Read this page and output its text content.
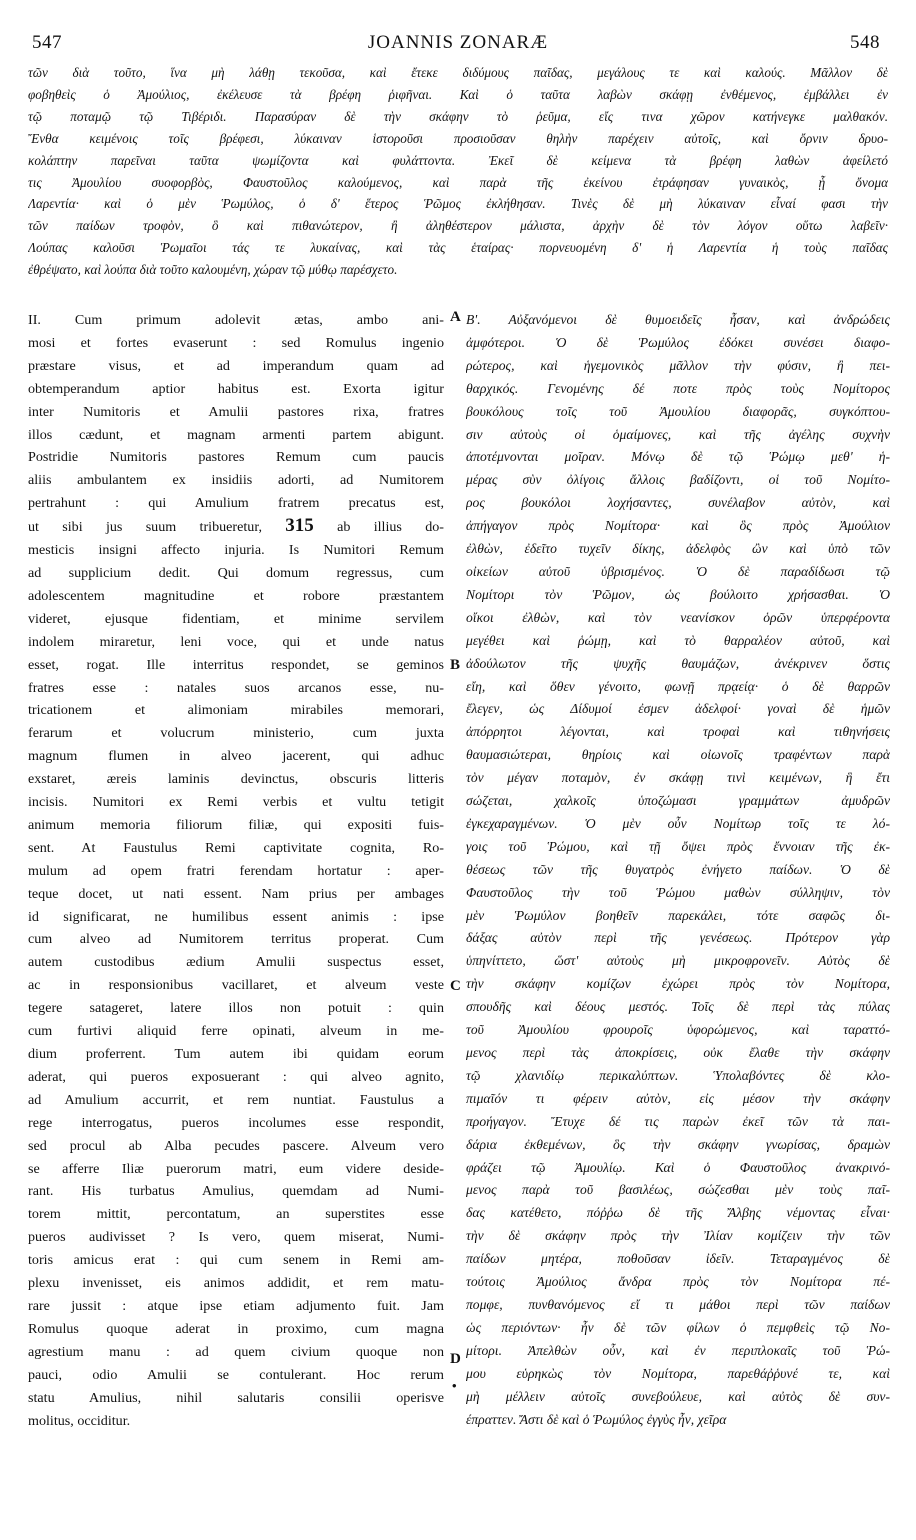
547	JOANNIS ZONARÆ	548
τῶν διὰ τοῦτο, ἵνα μὴ λάθῃ τεκοῦσα, καὶ ἔτεκε διδύμους παῖδας, μεγάλους τε καὶ καλούς. Μᾶλλον δὲ
φοβηθεὶς ὁ Ἀμούλιος, ἐκέλευσε τὰ βρέφη ῥιφῆναι. Καὶ ὁ ταῦτα λαβὼν σκάφῃ ἐνθέμενος, ἐμβάλλει ἐν
τῷ ποταμῷ τῷ Τιβέριδι. Παρασύραν δὲ τὴν σκάφην τὸ ῥεῦμα, εἴς τινα χῶρον κατήνεγκε μαλθακόν.
Ἔνθα κειμένοις τοῖς βρέφεσι, λύκαιναν ἱστοροῦσι προσιοῦσαν θηλὴν παρέχειν αὐτοῖς, καὶ ὄρνιν δρυο-
κολάπτην παρεῖναι ταῦτα ψωμίζοντα καὶ φυλάττοντα. Ἐκεῖ δὲ κείμενα τὰ βρέφη λαθὼν ἀφείλετό
τις Ἀμουλίου συοφορβὸς, Φαυστοῦλος καλούμενος, καὶ παρὰ τῆς ἐκείνου ἐτράφησαν γυναικὸς, ᾗ ὄνομα
Λαρεντία· καὶ ὁ μὲν Ῥωμύλος, ὁ δ' ἕτερος Ῥῶμος ἐκλήθησαν. Τινὲς δὲ μὴ λύκαιναν εἶναί φασι τὴν
τῶν παίδων τροφὸν, ὃ καὶ πιθανώτερον, ἢ ἀληθέστερον μάλιστα, ἀρχὴν δὲ τὸν λόγον οὕτω λαβεῖν·
Λούπας καλοῦσι Ῥωμαῖοι τάς τε λυκαίνας, καὶ τὰς ἑταίρας· πορνευομένη δ' ἡ Λαρεντία ἡ τοὺς παῖδας
ἐθρέψατο, καὶ λούπα διὰ τοῦτο καλουμένη, χώραν τῷ μύθῳ παρέσχετο.
II. Cum primum adolevit ætas, ambo ani-
mosi et fortes evaserunt : sed Romulus ingenio
præstare visus, et ad imperandum quam ad
obtemperandum aptior habitus est. Exorta igitur
inter Numitoris et Amulii pastores rixa, fratres
illos cædunt, et magnam armenti partem abigunt.
Postridie Numitoris pastores Remum cum paucis
aliis ambulantem ex insidiis adorti, ad Numitorem
pertrahunt : qui Amulium fratrem precatus est,
ut sibi jus suum tribueretur, 315 ab illius do-
mesticis insigni affecto injuria. Is Numitori Remum
ad supplicium dedit. Qui domum regressus, cum
adolescentem magnitudine et robore præstantem
videret, ejusque fidentiam, et minime servilem
indolem miraretur, leni voce, qui et unde natus
esset, rogat. Ille interritus respondet, se geminos
fratres esse : natales suos arcanos esse, nu-
tricationem et alimoniam mirabiles memorari,
ferarum et volucrum ministerio, cum juxta
magnum flumen in alveo jacerent, qui adhuc
exstaret, æreis laminis devinctus, obscuris litteris
incisis. Numitori ex Remi verbis et vultu tetigit
animum memoria filiorum filiæ, qui expositi fuis-
sent. At Faustulus Remi captivitate cognita, Ro-
mulum ad opem fratri ferendam hortatur : aper-
teque docet, ut nati essent. Nam prius per ambages
id significarat, ne humilibus essent animis : ipse
cum alveo ad Numitorem territus properat. Cum
autem custodibus ædium Amulii suspectus esset,
ac in responsionibus vacillaret, et alveum veste
tegere satageret, latere illos non potuit : quin
cum furtivi aliquid ferre opinati, alveum in me-
dium proferrent. Tum autem ibi quidam eorum
aderat, qui pueros exposuerant : qui alveo agnito,
ad Amulium accurrit, et rem nuntiat. Faustulus a
rege interrogatus, pueros incolumes esse respondit,
sed procul ab Alba pecudes pascere. Alveum vero
se afferre Iliæ puerorum matri, eum videre deside-
rant. His turbatus Amulius, quemdam ad Numi-
torem mittit, percontatum, an superstites esse
pueros audivisset ? Is vero, quem miserat, Numi-
toris amicus erat : qui cum senem in Remi am-
plexu invenisset, eis animos addidit, et rem matu-
rare jussit : atque ipse etiam adjumento fuit. Jam
Romulus quoque aderat in proximo, cum magna
agrestium manu : ad quem civium quoque non
pauci, odio Amulii se contulerant. Hoc rerum
statu Amulius, nihil salutaris consilii operisve
molitus, occiditur.
Β'. Αὐξανόμενοι δὲ θυμοειδεῖς ἦσαν, καὶ ἀνδρώδεις
ἀμφότεροι. Ὁ δὲ Ῥωμύλος ἐδόκει συνέσει διαφο-
ρώτερος, καὶ ἡγεμονικὸς μᾶλλον τὴν φύσιν, ἢ πει-
θαρχικός. Γενομένης δέ ποτε πρὸς τοὺς Νομίτορος
βουκόλους τοῖς τοῦ Ἀμουλίου διαφορᾶς, συγκόπτου-
σιν αὐτοὺς οἱ ὁμαίμονες, καὶ τῆς ἀγέλης συχνὴν
ἀποτέμνονται μοῖραν. Μόνῳ δὲ τῷ Ῥώμῳ μεθ' ἡ-
μέρας σὺν ὀλίγοις ἄλλοις βαδίζοντι, οἱ τοῦ Νομίτο-
ρος βουκόλοι λοχήσαντες, συνέλαβον αὐτὸν, καὶ
ἀπήγαγον πρὸς Νομίτορα· καὶ ὃς πρὸς Ἀμούλιον
ἐλθὼν, ἐδεῖτο τυχεῖν δίκης, ἀδελφὸς ὢν καὶ ὑπὸ τῶν
οἰκείων αὐτοῦ ὑβρισμένος. Ὁ δὲ παραδίδωσι τῷ
Νομίτορι τὸν Ῥῶμον, ὡς βούλοιτο χρήσασθαι. Ὁ
οἴκοι ἐλθὼν, καὶ τὸν νεανίσκον ὁρῶν ὑπερφέροντα
μεγέθει καὶ ῥώμῃ, καὶ τὸ θαρραλέον αὐτοῦ, καὶ
ἀδούλωτον τῆς ψυχῆς θαυμάζων, ἀνέκρινεν ὅστις
εἴη, καὶ ὅθεν γένοιτο, φωνῇ πρᾳείᾳ· ὁ δὲ θαρρῶν
ἔλεγεν, ὡς Δίδυμοί ἐσμεν ἀδελφοί· γοναὶ δὲ ἡμῶν
ἀπόρρητοι λέγονται, καὶ τροφαὶ καὶ τιθηνήσεις
θαυμασιώτεραι, θηρίοις καὶ οἰωνοῖς τραφέντων παρὰ
τὸν μέγαν ποταμὸν, ἐν σκάφῃ τινὶ κειμένων, ἣ ἔτι
σώζεται, χαλκοῖς ὑποζώμασι γραμμάτων ἀμυδρῶν
ἐγκεχαραγμένων. Ὁ μὲν οὖν Νομίτωρ τοῖς τε λό-
γοις τοῦ Ῥώμου, καὶ τῇ ὄψει πρὸς ἔννοιαν τῆς ἐκ-
θέσεως τῶν τῆς θυγατρὸς ἐνήγετο παίδων. Ὁ δὲ
Φαυστοῦλος τὴν τοῦ Ῥώμου μαθὼν σύλληψιν, τὸν
μὲν Ῥωμύλον βοηθεῖν παρεκάλει, τότε σαφῶς δι-
δάξας αὐτὸν περὶ τῆς γενέσεως. Πρότερον γὰρ
ὑπηνίττετο, ὥστ' αὐτοὺς μὴ μικροφρονεῖν. Αὐτὸς δὲ
τὴν σκάφην κομίζων ἐχώρει πρὸς τὸν Νομίτορα,
σπουδῆς καὶ δέους μεστός. Τοῖς δὲ περὶ τὰς πύλας
τοῦ Ἀμουλίου φρουροῖς ὑφορώμενος, καὶ ταραττό-
μενος περὶ τὰς ἀποκρίσεις, οὐκ ἔλαθε τὴν σκάφην
τῷ χλανιδίῳ περικαλύπτων. Ὑπολαβόντες δὲ κλο-
πιμαῖόν τι φέρειν αὐτὸν, εἰς μέσον τὴν σκάφην
προήγαγον. Ἔτυχε δέ τις παρὼν ἐκεῖ τῶν τὰ παι-
δάρια ἐκθεμένων, ὃς τὴν σκάφην γνωρίσας, δραμὼν
φράζει τῷ Ἀμουλίῳ. Καὶ ὁ Φαυστοῦλος ἀνακρινό-
μενος παρὰ τοῦ βασιλέως, σώζεσθαι μὲν τοὺς παῖ-
δας κατέθετο, πόῤῥω δὲ τῆς Ἄλβης νέμοντας εἶναι·
τὴν δὲ σκάφην πρὸς τὴν Ἰλίαν κομίζειν τὴν τῶν
παίδων μητέρα, ποθοῦσαν ἰδεῖν. Τεταραγμένος δὲ
τούτοις Ἀμούλιος ἄνδρα πρὸς τὸν Νομίτορα πέ-
πομφε, πυνθανόμενος εἴ τι μάθοι περὶ τῶν παίδων
ὡς περιόντων· ἦν δὲ τῶν φίλων ὁ πεμφθεὶς τῷ Νο-
μίτορι. Ἀπελθὼν οὖν, καὶ ἐν περιπλοκαῖς τοῦ Ῥώ-
μου εὑρηκὼς τὸν Νομίτορα, παρεθάῤῥυνέ τε, καὶ
μὴ μέλλειν αὐτοῖς συνεβούλευε, καὶ αὐτὸς δὲ συν-
έπραττεν. Ἄστι δὲ καὶ ὁ Ῥωμύλος ἐγγὺς ἦν, χεῖρα
A
B
C
D
•
